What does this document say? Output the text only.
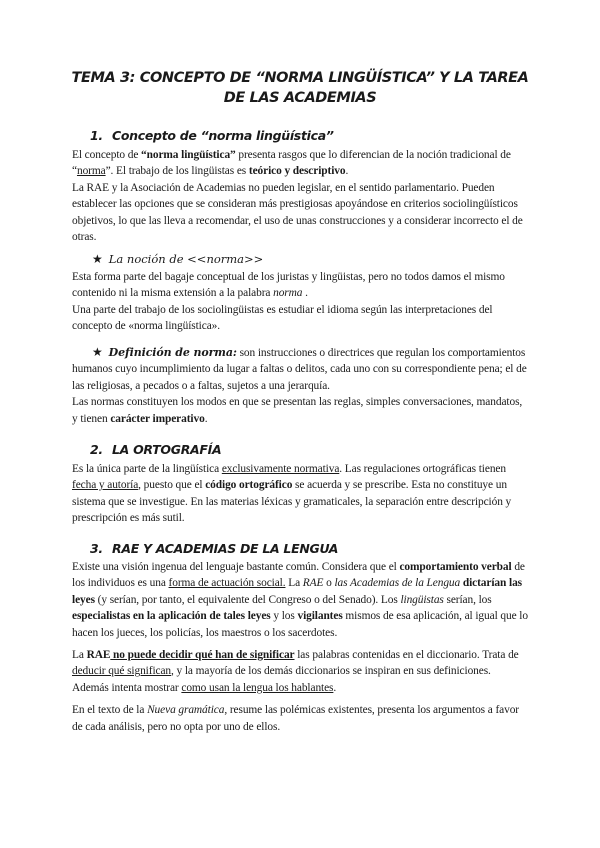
TEMA 3: CONCEPTO DE “NORMA LINGÜÍSTICA” Y LA TAREA DE LAS ACADEMIAS
1. Concepto de “norma lingüística”

El concepto de “norma lingüística” presenta rasgos que lo diferencian de la noción tradicional de “norma”. El trabajo de los lingüistas es teórico y descriptivo.

La RAE y la Asociación de Academias no pueden legislar, en el sentido parlamentario. Pueden establecer las opciones que se consideran más prestigiosas apoyándose en criterios sociolingüísticos objetivos, lo que las lleva a recomendar, el uso de unas construcciones y a considerar incorrecto el de otras.

★ La noción de <<norma>>

Esta forma parte del bagaje conceptual de los juristas y lingüistas, pero no todos damos el mismo contenido ni la misma extensión a la palabra norma .

Una parte del trabajo de los sociolingüistas es estudiar el idioma según las interpretaciones del concepto de «norma lingüística».

★ Definición de norma: son instrucciones o directrices que regulan los comportamientos humanos cuyo incumplimiento da lugar a faltas o delitos, cada uno con su correspondiente pena; el de las religiosas, a pecados o a faltas, sujetos a una jerarquía.

Las normas constituyen los modos en que se presentan las reglas, simples conversaciones, mandatos, y tienen carácter imperativo.

2. LA ORTOGRAFÍA

Es la única parte de la lingüística exclusivamente normativa. Las regulaciones ortográficas tienen fecha y autoría, puesto que el código ortográfico se acuerda y se prescribe. Esta no constituye un sistema que se investigue. En las materias léxicas y gramaticales, la separación entre descripción y prescripción es más sutil.

3. RAE Y ACADEMIAS DE LA LENGUA

Existe una visión ingenua del lenguaje bastante común. Considera que el comportamiento verbal de los individuos es una forma de actuación social. La RAE o las Academias de la Lengua dictarían las leyes (y serían, por tanto, el equivalente del Congreso o del Senado). Los lingüistas serían, los especialistas en la aplicación de tales leyes y los vigilantes mismos de esa aplicación, al igual que lo hacen los jueces, los policías, los maestros o los sacerdotes.

La RAE no puede decidir qué han de significar las palabras contenidas en el diccionario. Trata de deducir qué significan, y la mayoría de los demás diccionarios se inspiran en sus definiciones. Además intenta mostrar como usan la lengua los hablantes.

En el texto de la Nueva gramática, resume las polémicas existentes, presenta los argumentos a favor de cada análisis, pero no opta por uno de ellos.
